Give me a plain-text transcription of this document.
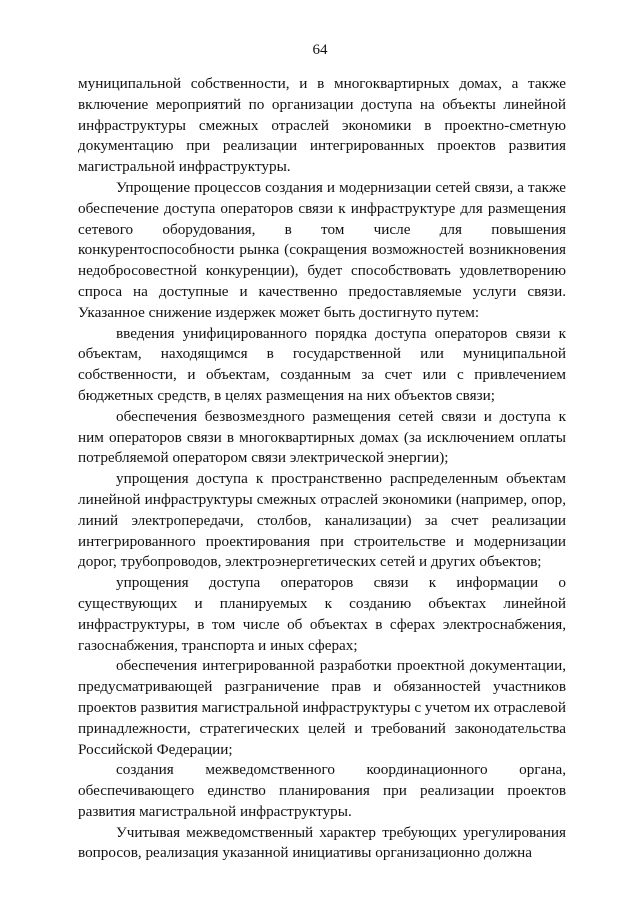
64

муниципальной собственности, и в многоквартирных домах, а также включение мероприятий по организации доступа на объекты линейной инфраструктуры смежных отраслей экономики в проектно-сметную документацию при реализации интегрированных проектов развития магистральной инфраструктуры.

Упрощение процессов создания и модернизации сетей связи, а также обеспечение доступа операторов связи к инфраструктуре для размещения сетевого оборудования, в том числе для повышения конкурентоспособности рынка (сокращения возможностей возникновения недобросовестной конкуренции), будет способствовать удовлетворению спроса на доступные и качественно предоставляемые услуги связи. Указанное снижение издержек может быть достигнуто путем:

введения унифицированного порядка доступа операторов связи к объектам, находящимся в государственной или муниципальной собственности, и объектам, созданным за счет или с привлечением бюджетных средств, в целях размещения на них объектов связи;

обеспечения безвозмездного размещения сетей связи и доступа к ним операторов связи в многоквартирных домах (за исключением оплаты потребляемой оператором связи электрической энергии);

упрощения доступа к пространственно распределенным объектам линейной инфраструктуры смежных отраслей экономики (например, опор, линий электропередачи, столбов, канализации) за счет реализации интегрированного проектирования при строительстве и модернизации дорог, трубопроводов, электроэнергетических сетей и других объектов;

упрощения доступа операторов связи к информации о существующих и планируемых к созданию объектах линейной инфраструктуры, в том числе об объектах в сферах электроснабжения, газоснабжения, транспорта и иных сферах;

обеспечения интегрированной разработки проектной документации, предусматривающей разграничение прав и обязанностей участников проектов развития магистральной инфраструктуры с учетом их отраслевой принадлежности, стратегических целей и требований законодательства Российской Федерации;

создания межведомственного координационного органа, обеспечивающего единство планирования при реализации проектов развития магистральной инфраструктуры.

Учитывая межведомственный характер требующих урегулирования вопросов, реализация указанной инициативы организационно должна
